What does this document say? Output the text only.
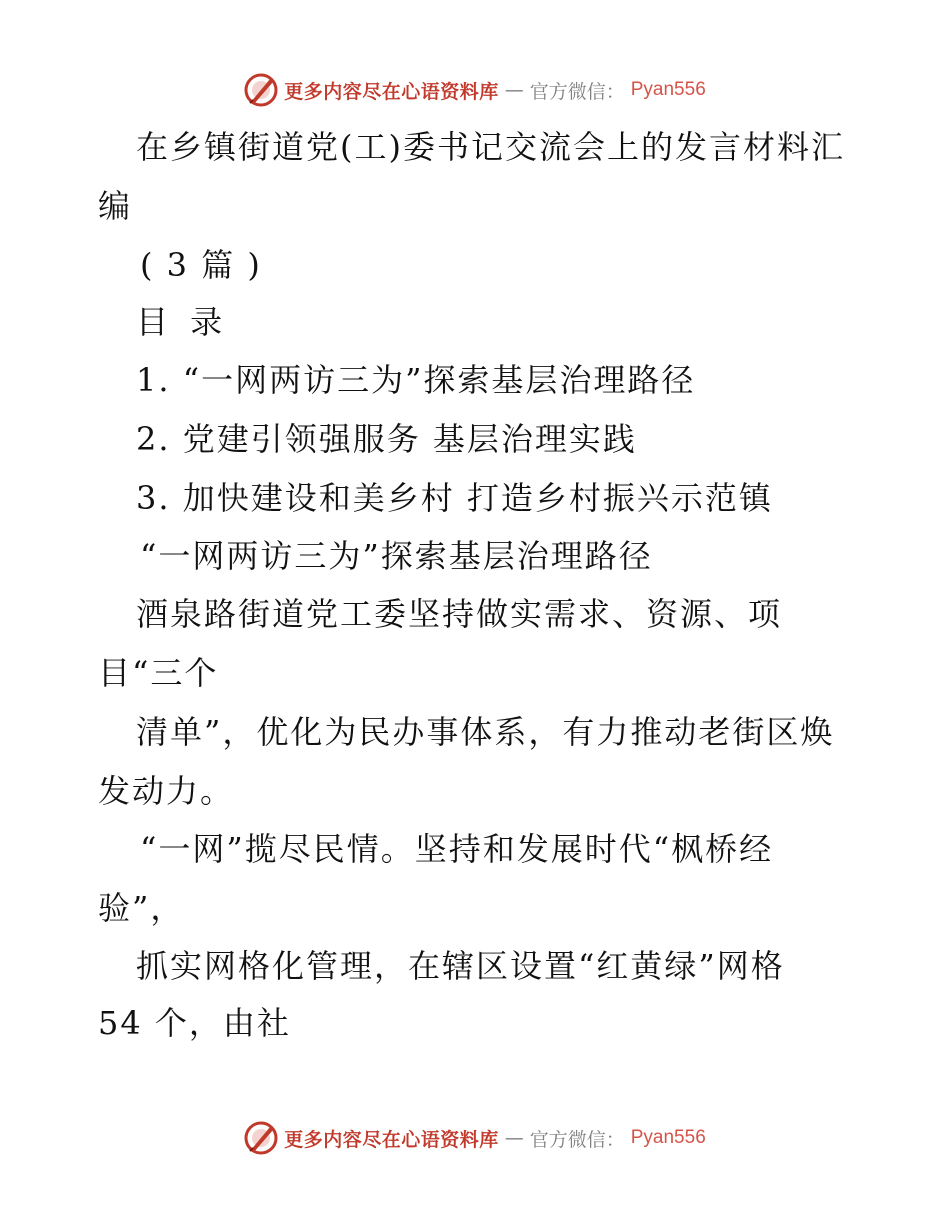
更多内容尽在心语资料库 — 官方微信： Pyan556
在乡镇街道党(工)委书记交流会上的发言材料汇
编
( 3 篇 )
目 录
1. “一网两访三为”探索基层治理路径
2. 党建引领强服务 基层治理实践
3. 加快建设和美乡村 打造乡村振兴示范镇
“一网两访三为”探索基层治理路径
酒泉路街道党工委坚持做实需求、资源、项
目“三个
清单”，优化为民办事体系，有力推动老街区焕
发动力。
“一网”揽尽民情。坚持和发展时代“枫桥经
验”，
抓实网格化管理，在辖区设置“红黄绿”网格
54 个，由社
更多内容尽在心语资料库 — 官方微信： Pyan556
